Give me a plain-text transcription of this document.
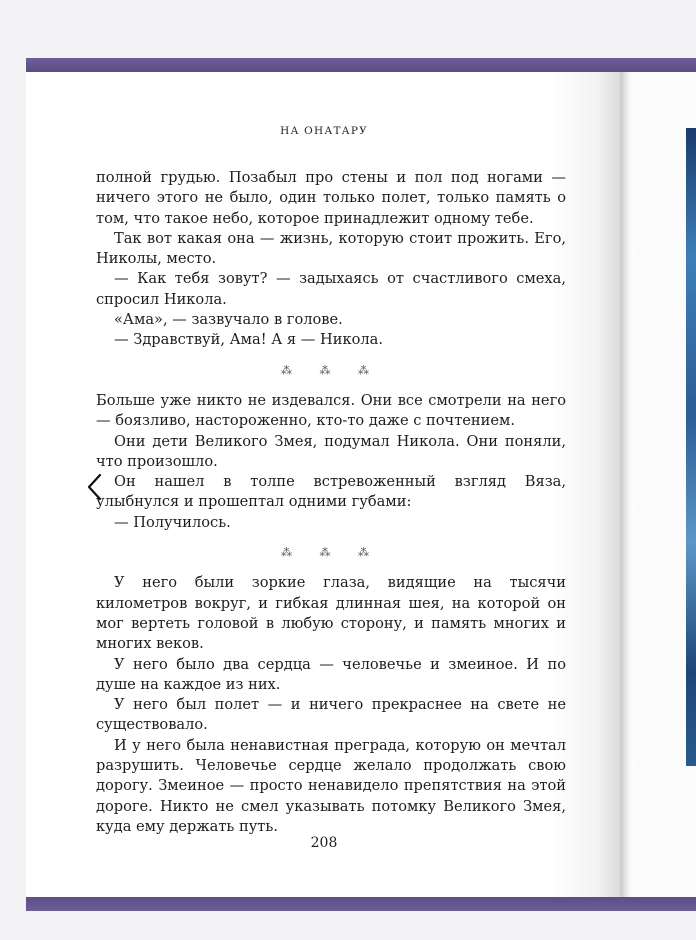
НА ОНАТАРУ

полной грудью. Позабыл про стены и пол под ногами — ничего этого не было, один только полет, только память о том, что такое небо, которое принадлежит одному тебе.

Так вот какая она — жизнь, которую стоит прожить. Его, Николы, место.

— Как тебя зовут? — задыхаясь от счастливого смеха, спросил Никола.

«Ама», — зазвучало в голове.

— Здравствуй, Ама! А я — Никола.

⁂ ⁂ ⁂

Больше уже никто не издевался. Они все смотрели на него — боязливо, настороженно, кто-то даже с почтением.

Они дети Великого Змея, подумал Никола. Они поняли, что произошло.

Он нашел в толпе встревоженный взгляд Вяза, улыбнулся и прошептал одними губами:

— Получилось.

⁂ ⁂ ⁂

У него были зоркие глаза, видящие на тысячи километров вокруг, и гибкая длинная шея, на которой он мог вертеть головой в любую сторону, и память многих и многих веков.

У него было два сердца — человечье и змеиное. И по душе на каждое из них.

У него был полет — и ничего прекраснее на свете не существовало.

И у него была ненавистная преграда, которую он мечтал разрушить. Человечье сердце желало продолжать свою дорогу. Змеиное — просто ненавидело препятствия на этой дороге. Никто не смел указывать потомку Великого Змея, куда ему держать путь.

208
